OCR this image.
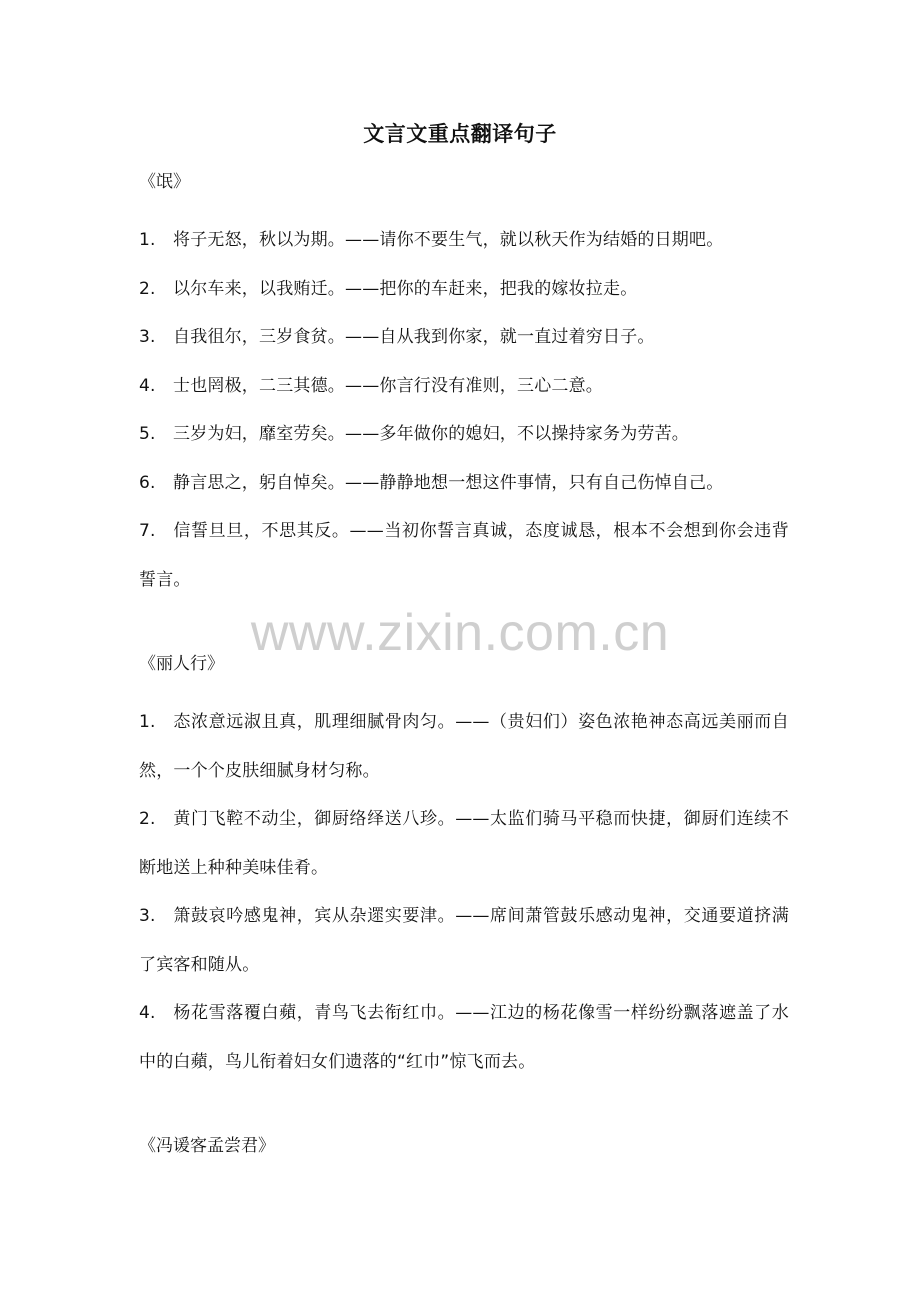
文言文重点翻译句子

《氓》

1. 将子无怒，秋以为期。——请你不要生气，就以秋天作为结婚的日期吧。

2. 以尔车来，以我贿迁。——把你的车赶来，把我的嫁妆拉走。

3. 自我徂尔，三岁食贫。——自从我到你家，就一直过着穷日子。

4. 士也罔极，二三其德。——你言行没有准则，三心二意。

5. 三岁为妇，靡室劳矣。——多年做你的媳妇，不以操持家务为劳苦。

6. 静言思之，躬自悼矣。——静静地想一想这件事情，只有自己伤悼自己。

7. 信誓旦旦，不思其反。——当初你誓言真诚，态度诚恳，根本不会想到你会违背誓言。

www.zixin.com.cn

《丽人行》

1. 态浓意远淑且真，肌理细腻骨肉匀。——（贵妇们）姿色浓艳神态高远美丽而自然，一个个皮肤细腻身材匀称。

2. 黄门飞鞚不动尘，御厨络绎送八珍。——太监们骑马平稳而快捷，御厨们连续不断地送上种种美味佳肴。

3. 箫鼓哀吟感鬼神，宾从杂遝实要津。——席间萧管鼓乐感动鬼神，交通要道挤满了宾客和随从。

4. 杨花雪落覆白蘋，青鸟飞去衔红巾。——江边的杨花像雪一样纷纷飘落遮盖了水中的白蘋，鸟儿衔着妇女们遗落的“红巾”惊飞而去。

《冯谖客孟尝君》
